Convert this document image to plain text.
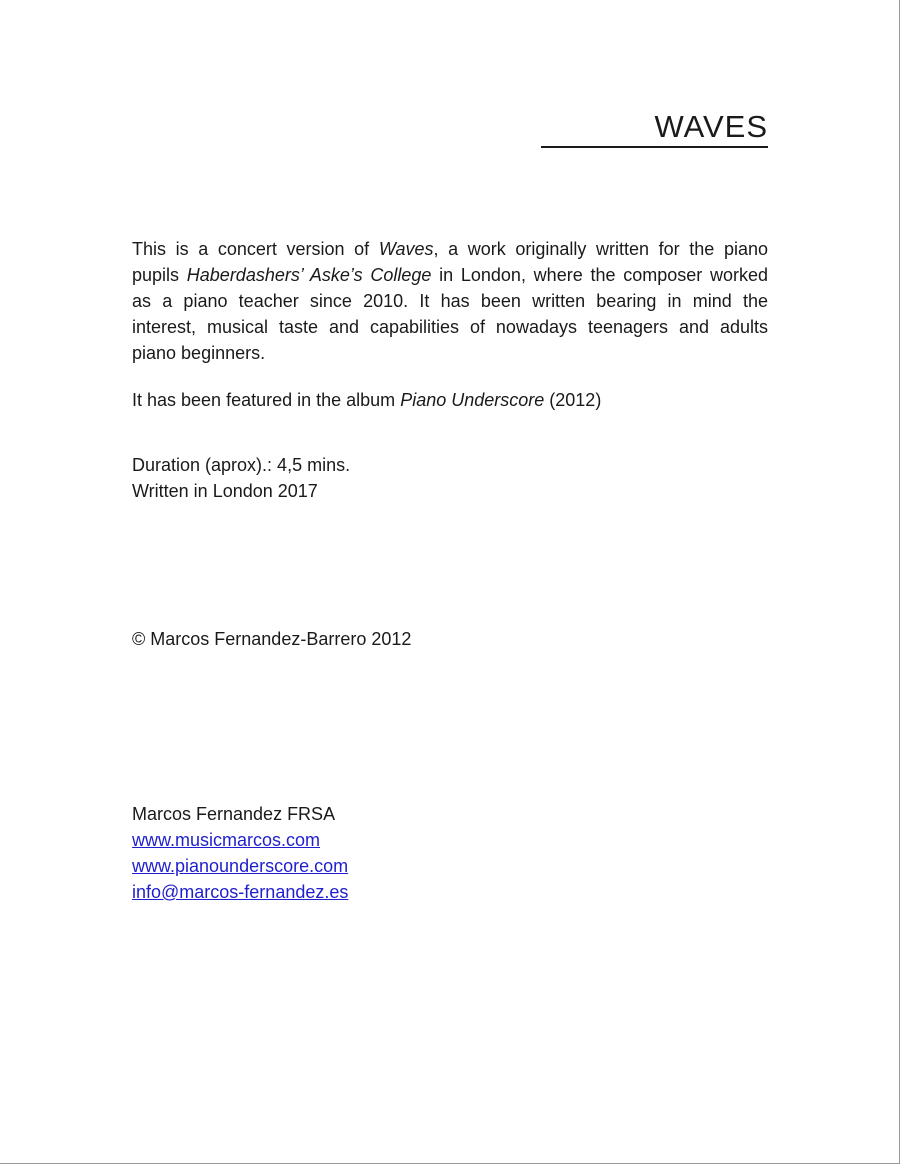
WAVES
This is a concert version of Waves, a work originally written for the piano
pupils Haberdashers’ Aske’s College in London, where the composer worked
as a piano teacher since 2010. It has been written bearing in mind the
interest, musical taste and capabilities of nowadays teenagers and adults
piano beginners.
It has been featured in the album Piano Underscore (2012)
Duration (aprox).: 4,5 mins.
Written in London 2017
© Marcos Fernandez-Barrero 2012
Marcos Fernandez FRSA
www.musicmarcos.com
www.pianounderscore.com
info@marcos-fernandez.es
